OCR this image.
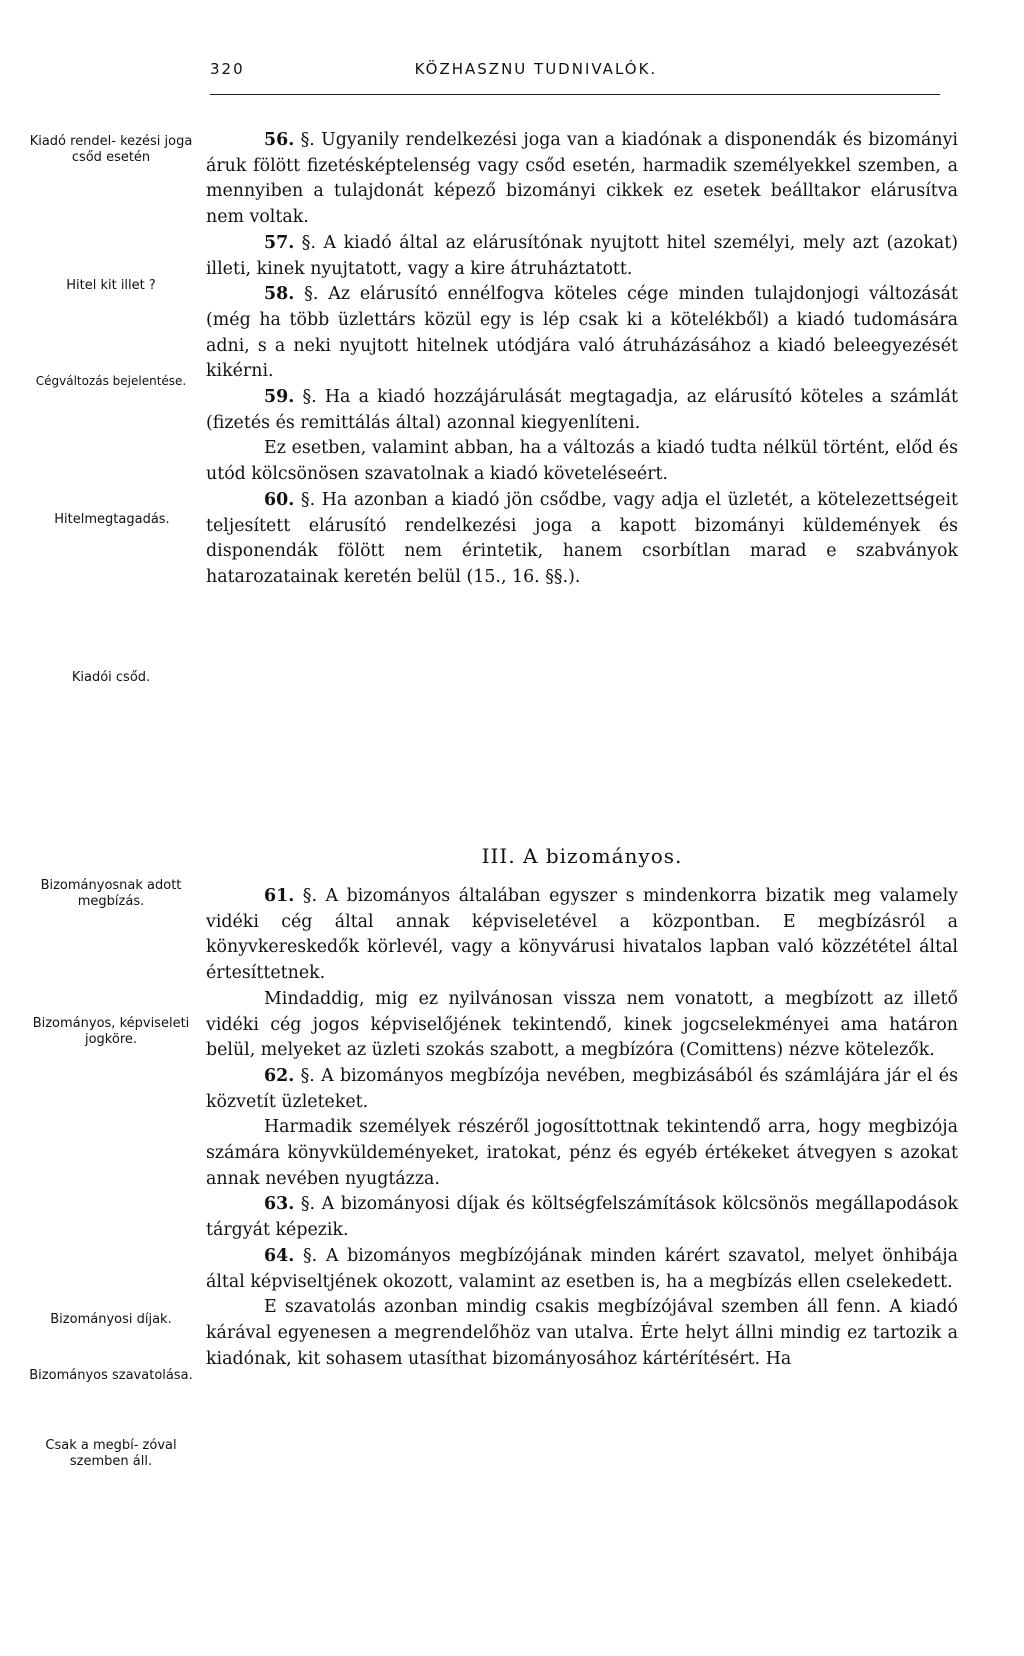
320	KÖZHASZNU TUDNIVALÓK.
Kiadó rendel- kezési joga csőd esetén
Hitel kit illet ?
Cégváltozás bejelentése.
Hitelmegtagadás.
Kiadói csőd.
Bizományosnak adott megbízás.
Bizományos, képviseleti jogköre.
Bizományosi díjak.
Bizományos szavatolása.
Csak a megbí- zóval szemben áll.

56. §. Ugyanily rendelkezési joga van a kiadónak a disponendák és bizományi áruk fölött fizetésképtelenség vagy csőd esetén, harmadik személyekkel szemben, a mennyiben a tulajdonát képező bizományi cikkek ez esetek beálltakor elárusítva nem voltak.

57. §. A kiadó által az elárusítónak nyujtott hitel személyi, mely azt (azokat) illeti, kinek nyujtatott, vagy a kire átruháztatott.

58. §. Az elárusító ennélfogva köteles cége minden tulajdonjogi változását (még ha több üzlettárs közül egy is lép csak ki a kötelékből) a kiadó tudomására adni, s a neki nyujtott hitelnek utódjára való átruházásához a kiadó beleegyezését kikérni.

59. §. Ha a kiadó hozzájárulását megtagadja, az elárusító köteles a számlát (fizetés és remittálás által) azonnal kiegyenlíteni.

Ez esetben, valamint abban, ha a változás a kiadó tudta nélkül történt, előd és utód kölcsönösen szavatolnak a kiadó követeléseért.

60. §. Ha azonban a kiadó jön csődbe, vagy adja el üzletét, a kötelezettségeit teljesített elárusító rendelkezési joga a kapott bizományi küldemények és disponendák fölött nem érintetik, hanem csorbítlan marad e szabványok hatarozatainak keretén belül (15., 16. §§.).

III. A bizományos.

61. §. A bizományos általában egyszer s mindenkorra bizatik meg valamely vidéki cég által annak képviseletével a központban. E megbízásról a könyvkereskedők körlevél, vagy a könyvárusi hivatalos lapban való közzététel által értesíttetnek.

Mindaddig, mig ez nyilvánosan vissza nem vonatott, a megbízott az illető vidéki cég jogos képviselőjének tekintendő, kinek jogcselekményei ama határon belül, melyeket az üzleti szokás szabott, a megbízóra (Comittens) nézve kötelezők.

62. §. A bizományos megbízója nevében, megbizásából és számlájára jár el és közvetít üzleteket.

Harmadik személyek részéről jogosíttottnak tekintendő arra, hogy megbizója számára könyvküldeményeket, iratokat, pénz és egyéb értékeket átvegyen s azokat annak nevében nyugtázza.

63. §. A bizományosi díjak és költségfelszámítások kölcsönös megállapodások tárgyát képezik.

64. §. A bizományos megbízójának minden kárért szavatol, melyet önhibája által képviseltjének okozott, valamint az esetben is, ha a megbízás ellen cselekedett.

E szavatolás azonban mindig csakis megbízójával szemben áll fenn. A kiadó kárával egyenesen a megrendelőhöz van utalva. Érte helyt állni mindig ez tartozik a kiadónak, kit sohasem utasíthat bizományosához kártérítésért. Ha
